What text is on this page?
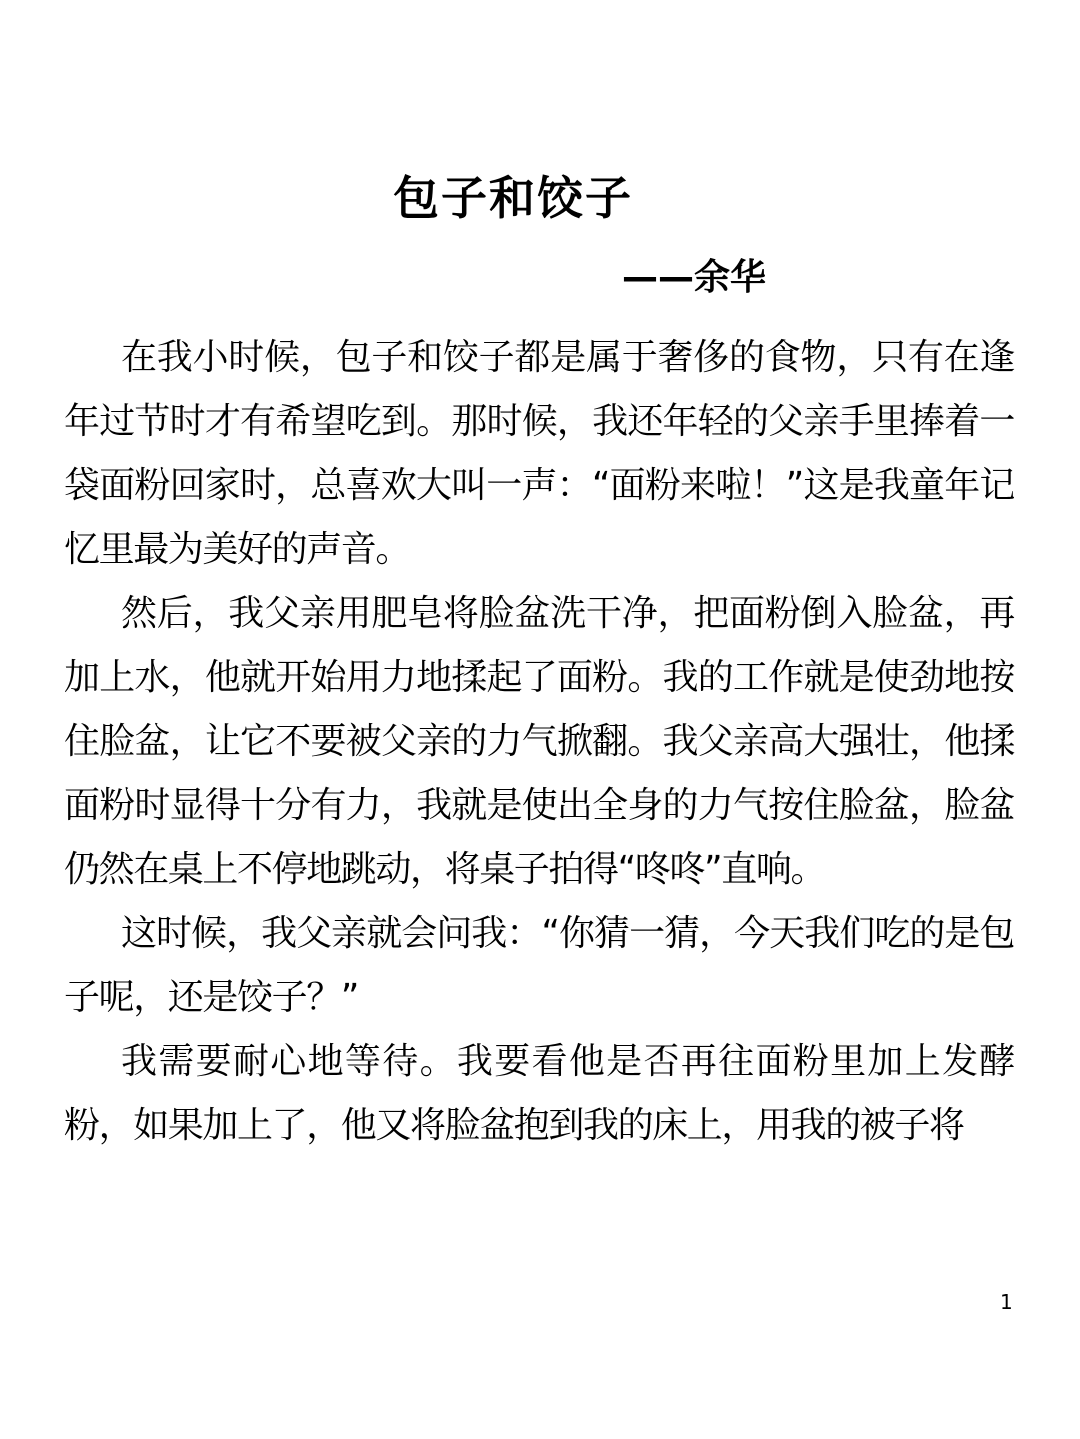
包子和饺子
——余华

在我小时候，包子和饺子都是属于奢侈的食物，只有在逢年过节时才有希望吃到。那时候，我还年轻的父亲手里捧着一袋面粉回家时，总喜欢大叫一声：“面粉来啦！”这是我童年记忆里最为美好的声音。

然后，我父亲用肥皂将脸盆洗干净，把面粉倒入脸盆，再加上水，他就开始用力地揉起了面粉。我的工作就是使劲地按住脸盆，让它不要被父亲的力气掀翻。我父亲高大强壮，他揉面粉时显得十分有力，我就是使出全身的力气按住脸盆，脸盆仍然在桌上不停地跳动，将桌子拍得“咚咚”直响。

这时候，我父亲就会问我：“你猜一猜，今天我们吃的是包子呢，还是饺子？”

我需要耐心地等待。我要看他是否再往面粉里加上发酵粉，如果加上了，他又将脸盆抱到我的床上，用我的被子将

1
